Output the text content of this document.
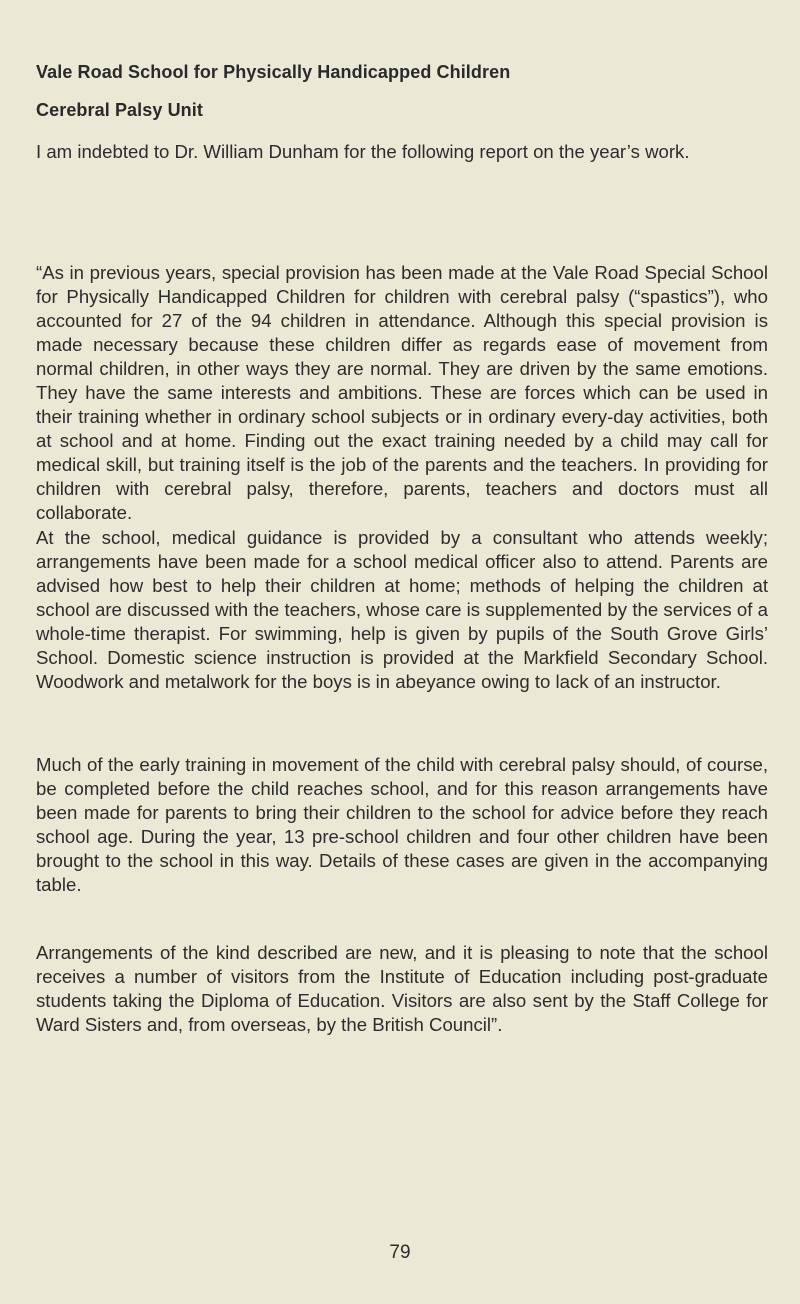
Vale Road School for Physically Handicapped Children
Cerebral Palsy Unit

I am indebted to Dr. William Dunham for the following report on the year’s work.

“As in previous years, special provision has been made at the Vale Road Special School for Physically Handicapped Children for children with cerebral palsy (“spastics”), who accounted for 27 of the 94 children in attendance. Although this special provision is made necessary because these children differ as regards ease of movement from normal children, in other ways they are normal. They are driven by the same emotions. They have the same interests and ambitions. These are forces which can be used in their training whether in ordinary school subjects or in ordinary every-day activities, both at school and at home. Finding out the exact training needed by a child may call for medical skill, but training itself is the job of the parents and the teachers. In providing for children with cerebral palsy, therefore, parents, teachers and doctors must all collaborate.

At the school, medical guidance is provided by a consultant who attends weekly; arrangements have been made for a school medical officer also to attend. Parents are advised how best to help their children at home; methods of helping the children at school are discussed with the teachers, whose care is supplemented by the services of a whole-time therapist. For swimming, help is given by pupils of the South Grove Girls’ School. Domestic science instruction is provided at the Markfield Secondary School. Woodwork and metalwork for the boys is in abeyance owing to lack of an instructor.

Much of the early training in movement of the child with cerebral palsy should, of course, be completed before the child reaches school, and for this reason arrangements have been made for parents to bring their children to the school for advice before they reach school age. During the year, 13 pre-school children and four other children have been brought to the school in this way. Details of these cases are given in the accompanying table.

Arrangements of the kind described are new, and it is pleasing to note that the school receives a number of visitors from the Institute of Education including post-graduate students taking the Diploma of Education. Visitors are also sent by the Staff College for Ward Sisters and, from overseas, by the British Council”.

79
